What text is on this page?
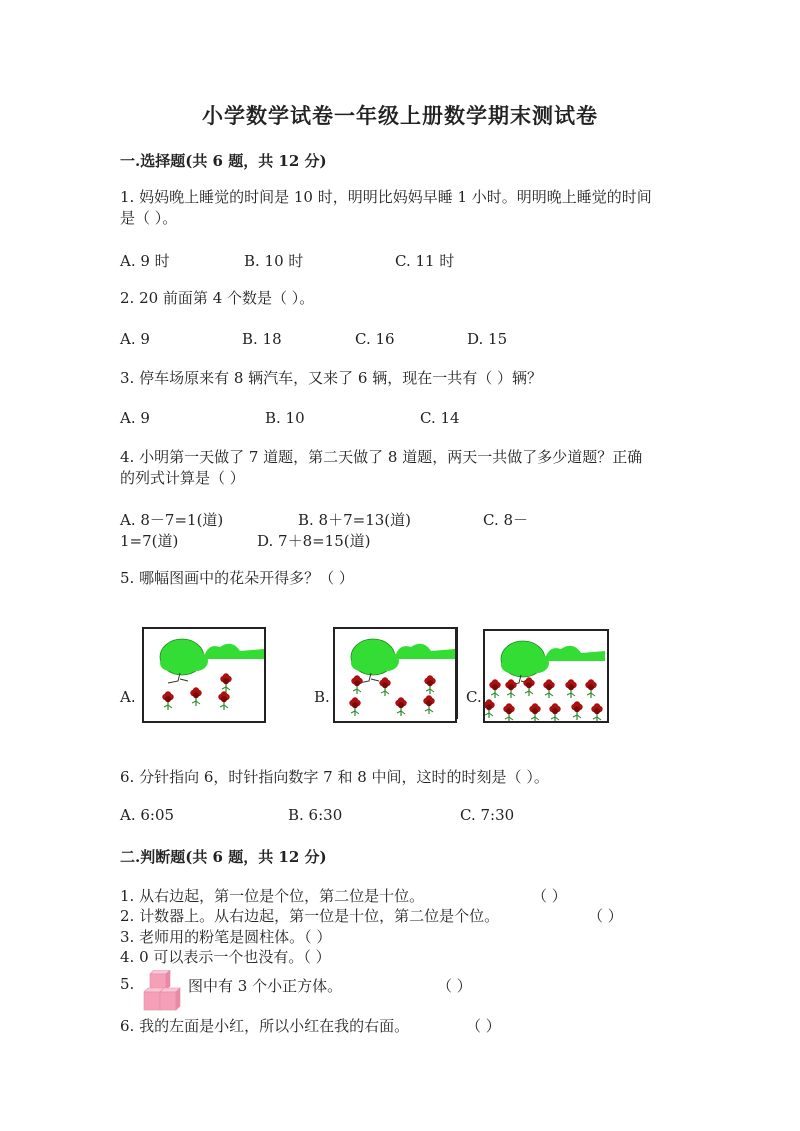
小学数学试卷一年级上册数学期末测试卷
一.选择题(共 6 题，共 12 分)
1. 妈妈晚上睡觉的时间是 10 时，明明比妈妈早睡 1 小时。明明晚上睡觉的时间
是（ ）。
A. 9 时	B. 10 时	C. 11 时
2. 20 前面第 4 个数是（ ）。
A. 9	B. 18	C. 16	D. 15
3. 停车场原来有 8 辆汽车，又来了 6 辆，现在一共有（ ）辆？
A. 9	B. 10	C. 14
4. 小明第一天做了 7 道题，第二天做了 8 道题，两天一共做了多少道题？正确
的列式计算是（ ）
A. 8－7=1(道)	B. 8＋7=13(道)	C. 8－
1=7(道)	D. 7＋8=15(道)
5. 哪幅图画中的花朵开得多？（ ）
A.	B.	C.
6. 分针指向 6，时针指向数字 7 和 8 中间，这时的时刻是（ ）。
A. 6:05	B. 6:30	C. 7:30
二.判断题(共 6 题，共 12 分)
1. 从右边起，第一位是个位，第二位是十位。	（ ）
2. 计数器上。从右边起，第一位是十位，第二位是个位。	（ ）
3. 老师用的粉笔是圆柱体。（ ）
4. 0 可以表示一个也没有。（ ）
5.	图中有 3 个小正方体。	（ ）
6. 我的左面是小红，所以小红在我的右面。	（ ）
